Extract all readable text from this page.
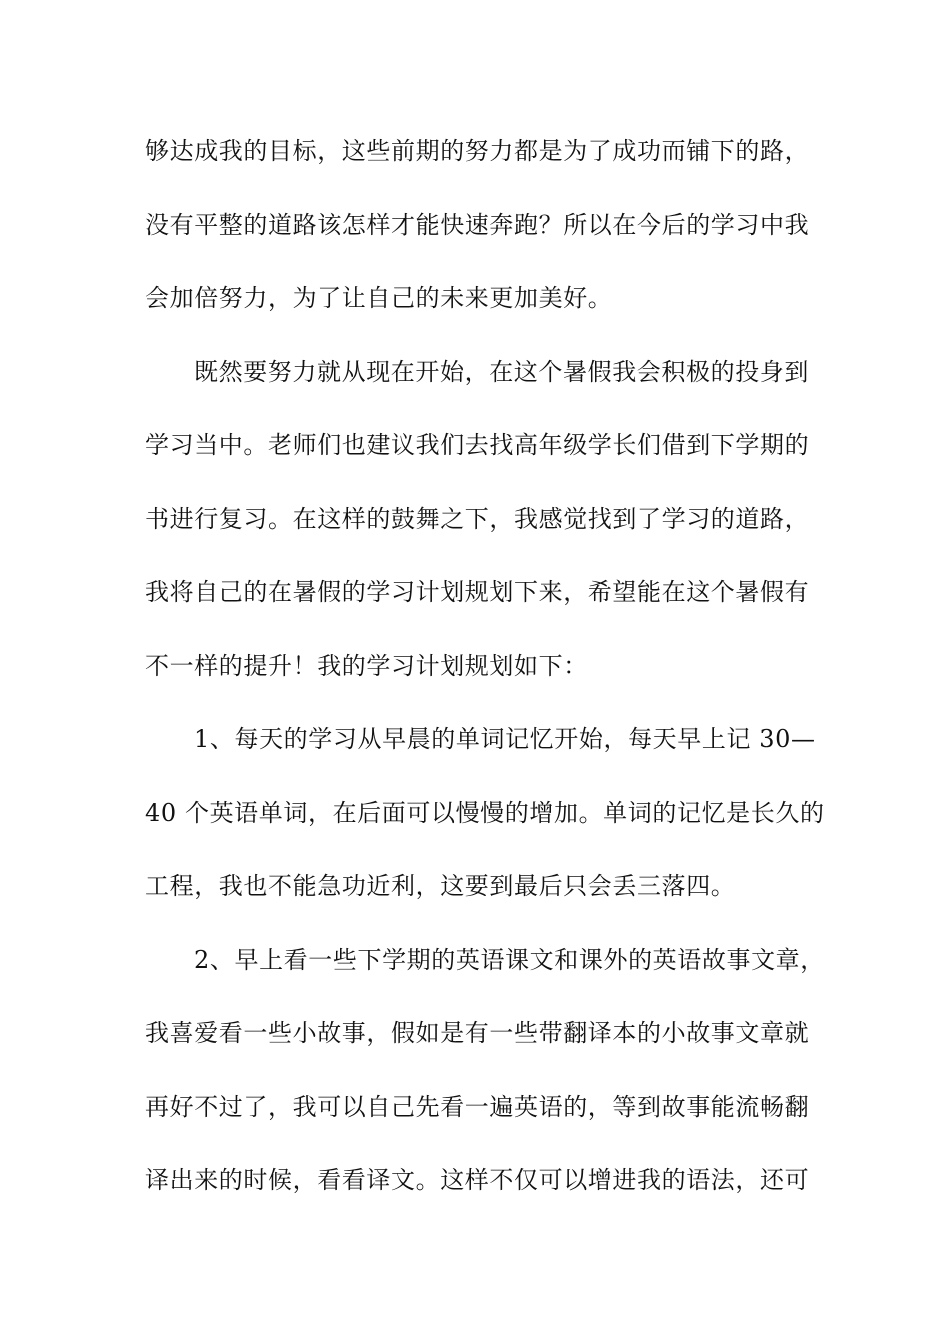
够达成我的目标，这些前期的努力都是为了成功而铺下的路，
没有平整的道路该怎样才能快速奔跑？所以在今后的学习中我
会加倍努力，为了让自己的未来更加美好。
既然要努力就从现在开始，在这个暑假我会积极的投身到
学习当中。老师们也建议我们去找高年级学长们借到下学期的
书进行复习。在这样的鼓舞之下，我感觉找到了学习的道路，
我将自己的在暑假的学习计划规划下来，希望能在这个暑假有
不一样的提升！我的学习计划规划如下：
1、每天的学习从早晨的单词记忆开始，每天早上记 30—
40 个英语单词，在后面可以慢慢的增加。单词的记忆是长久的
工程，我也不能急功近利，这要到最后只会丢三落四。
2、早上看一些下学期的英语课文和课外的英语故事文章，
我喜爱看一些小故事，假如是有一些带翻译本的小故事文章就
再好不过了，我可以自己先看一遍英语的，等到故事能流畅翻
译出来的时候，看看译文。这样不仅可以增进我的语法，还可
